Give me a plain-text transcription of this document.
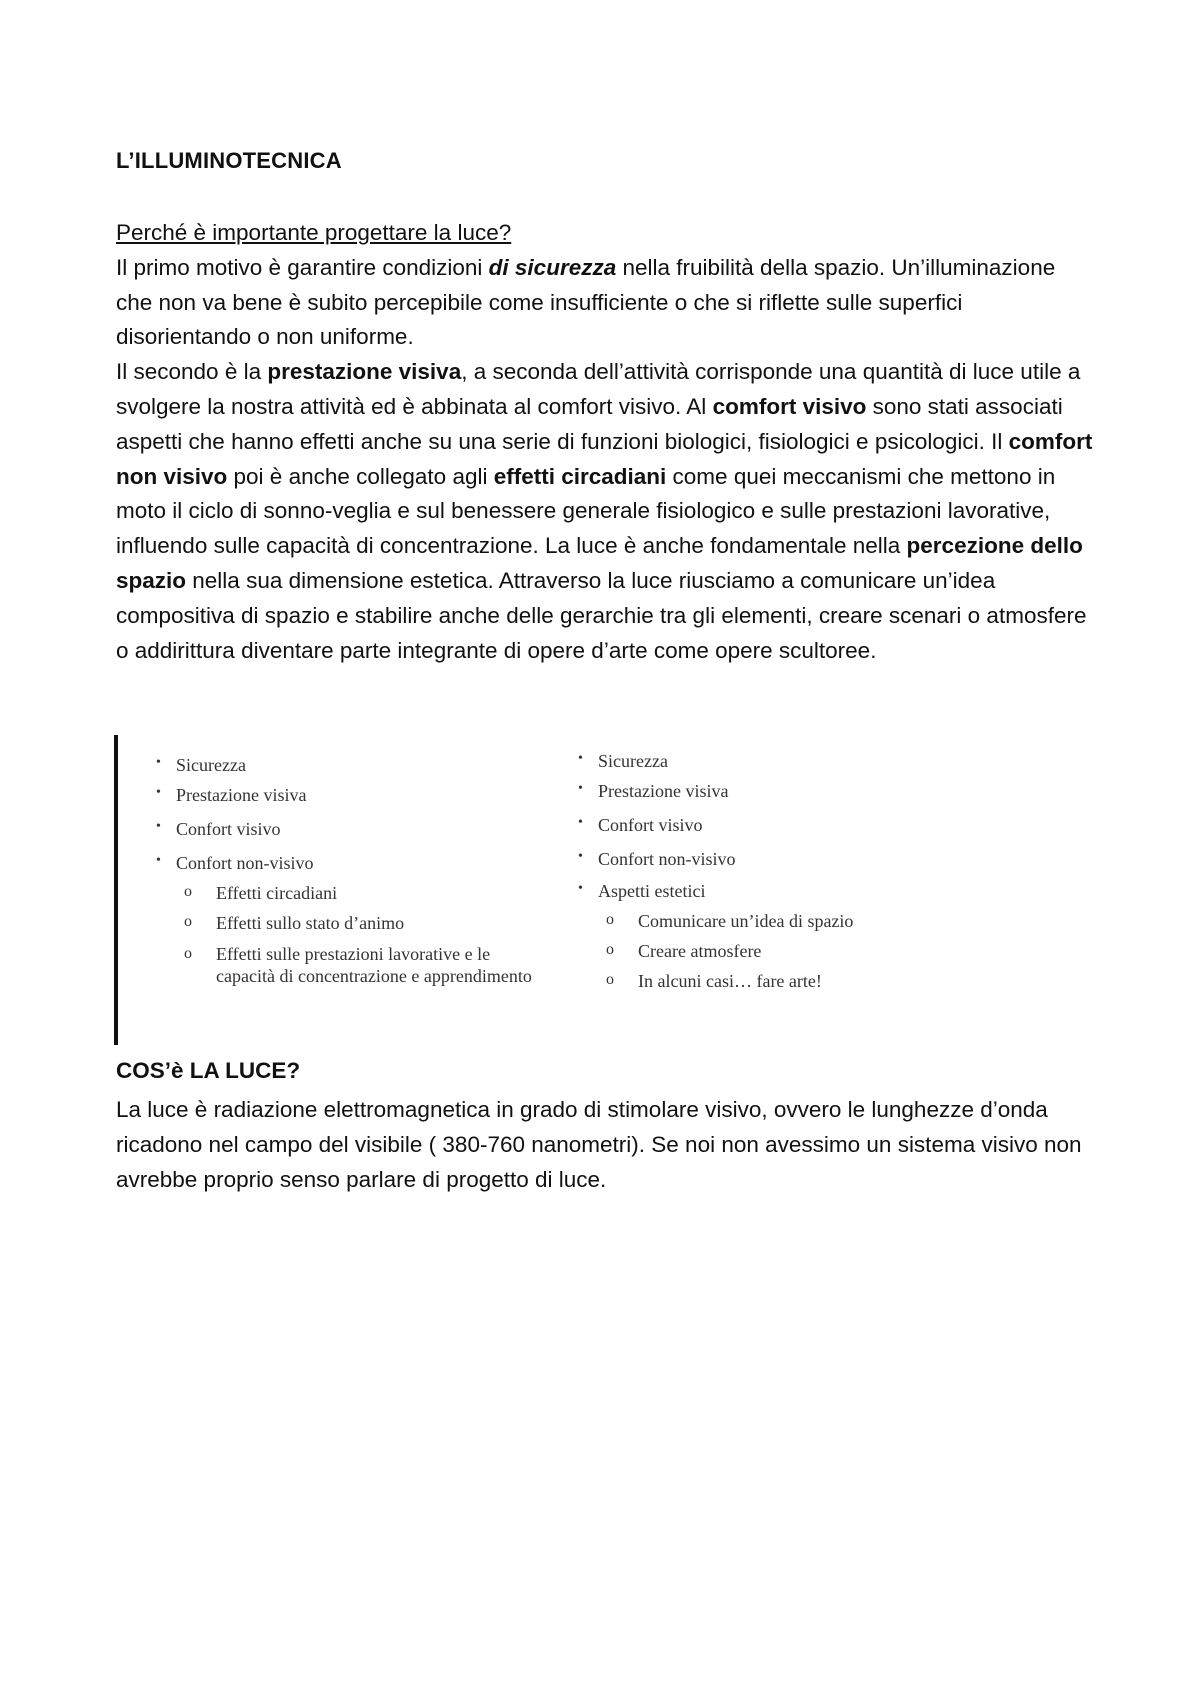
L’ILLUMINOTECNICA

Perché è importante progettare la luce?

Il primo motivo è garantire condizioni di sicurezza nella fruibilità della spazio. Un’illuminazione che non va bene è subito percepibile come insufficiente o che si riflette sulle superfici disorientando o non uniforme.

Il secondo è la prestazione visiva, a seconda dell’attività corrisponde una quantità di luce utile a svolgere la nostra attività ed è abbinata al comfort visivo. Al comfort visivo sono stati associati aspetti che hanno effetti anche su una serie di funzioni biologici, fisiologici e psicologici. Il comfort non visivo poi è anche collegato agli effetti circadiani come quei meccanismi che mettono in moto il ciclo di sonno-veglia e sul benessere generale fisiologico e sulle prestazioni lavorative, influendo sulle capacità di concentrazione. La luce è anche fondamentale nella percezione dello spazio nella sua dimensione estetica. Attraverso la luce riusciamo a comunicare un’idea compositiva di spazio e stabilire anche delle gerarchie tra gli elementi, creare scenari o atmosfere o addirittura diventare parte integrante di opere d’arte come opere scultoree.

• Sicurezza

• Prestazione visiva

• Confort visivo

• Confort non-visivo

o Effetti circadiani

o Effetti sullo stato d’animo

o Effetti sulle prestazioni lavorative e le capacità di concentrazione e apprendimento

• Sicurezza

• Prestazione visiva

• Confort visivo

• Confort non-visivo

• Aspetti estetici

o Comunicare un’idea di spazio

o Creare atmosfere

o In alcuni casi… fare arte!

COS’è LA LUCE?

La luce è radiazione elettromagnetica in grado di stimolare visivo, ovvero le lunghezze d’onda ricadono nel campo del visibile ( 380-760 nanometri). Se noi non avessimo un sistema visivo non avrebbe proprio senso parlare di progetto di luce.
